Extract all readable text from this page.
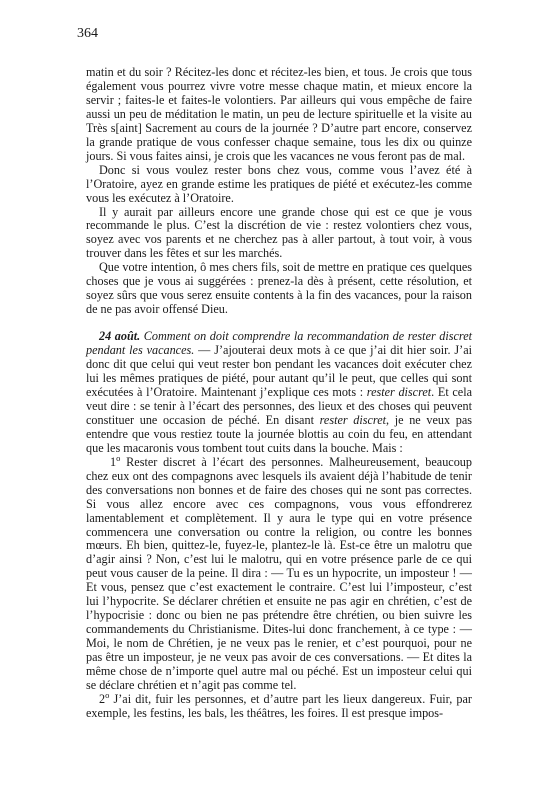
364

matin et du soir ? Récitez-les donc et récitez-les bien, et tous. Je crois que tous également vous pourrez vivre votre messe chaque matin, et mieux encore la servir ; faites-le et faites-le volontiers. Par ailleurs qui vous empêche de faire aussi un peu de méditation le matin, un peu de lecture spirituelle et la visite au Très s[aint] Sacrement au cours de la journée ? D’autre part encore, conservez la grande pratique de vous confesser chaque semaine, tous les dix ou quinze jours. Si vous faites ainsi, je crois que les vacances ne vous feront pas de mal.

Donc si vous voulez rester bons chez vous, comme vous l’avez été à l’Oratoire, ayez en grande estime les pratiques de piété et exécutez-les comme vous les exécutez à l’Oratoire.

Il y aurait par ailleurs encore une grande chose qui est ce que je vous recommande le plus. C’est la discrétion de vie : restez volontiers chez vous, soyez avec vos parents et ne cherchez pas à aller partout, à tout voir, à vous trouver dans les fêtes et sur les marchés.

Que votre intention, ô mes chers fils, soit de mettre en pratique ces quelques choses que je vous ai suggérées : prenez-la dès à présent, cette résolution, et soyez sûrs que vous serez ensuite contents à la fin des vacances, pour la raison de ne pas avoir offensé Dieu.

24 août. Comment on doit comprendre la recommandation de rester discret pendant les vacances. — J’ajouterai deux mots à ce que j’ai dit hier soir. J’ai donc dit que celui qui veut rester bon pendant les vacances doit exécuter chez lui les mêmes pratiques de piété, pour autant qu’il le peut, que celles qui sont exécutées à l’Oratoire. Maintenant j’explique ces mots : rester discret. Et cela veut dire : se tenir à l’écart des personnes, des lieux et des choses qui peuvent constituer une occasion de péché. En disant rester discret, je ne veux pas entendre que vous restiez toute la journée blottis au coin du feu, en attendant que les macaronis vous tombent tout cuits dans la bouche. Mais :

1$^o$ Rester discret à l’écart des personnes. Malheureusement, beaucoup chez eux ont des compagnons avec lesquels ils avaient déjà l’habitude de tenir des conversations non bonnes et de faire des choses qui ne sont pas correctes. Si vous allez encore avec ces compagnons, vous vous effondrerez lamentablement et complètement. Il y aura le type qui en votre présence commencera une conversation ou contre la religion, ou contre les bonnes mœurs. Eh bien, quittez-le, fuyez-le, plantez-le là. Est-ce être un malotru que d’agir ainsi ? Non, c’est lui le malotru, qui en votre présence parle de ce qui peut vous causer de la peine. Il dira : — Tu es un hypocrite, un imposteur ! — Et vous, pensez que c’est exactement le contraire. C’est lui l’imposteur, c’est lui l’hypocrite. Se déclarer chrétien et ensuite ne pas agir en chrétien, c’est de l’hypocrisie : donc ou bien ne pas prétendre être chrétien, ou bien suivre les commandements du Christianisme. Dites-lui donc franchement, à ce type : — Moi, le nom de Chrétien, je ne veux pas le renier, et c’est pourquoi, pour ne pas être un imposteur, je ne veux pas avoir de ces conversations. — Et dites la même chose de n’importe quel autre mal ou péché. Est un imposteur celui qui se déclare chrétien et n’agit pas comme tel.

2$^o$ J’ai dit, fuir les personnes, et d’autre part les lieux dangereux. Fuir, par exemple, les festins, les bals, les théâtres, les foires. Il est presque impos-
